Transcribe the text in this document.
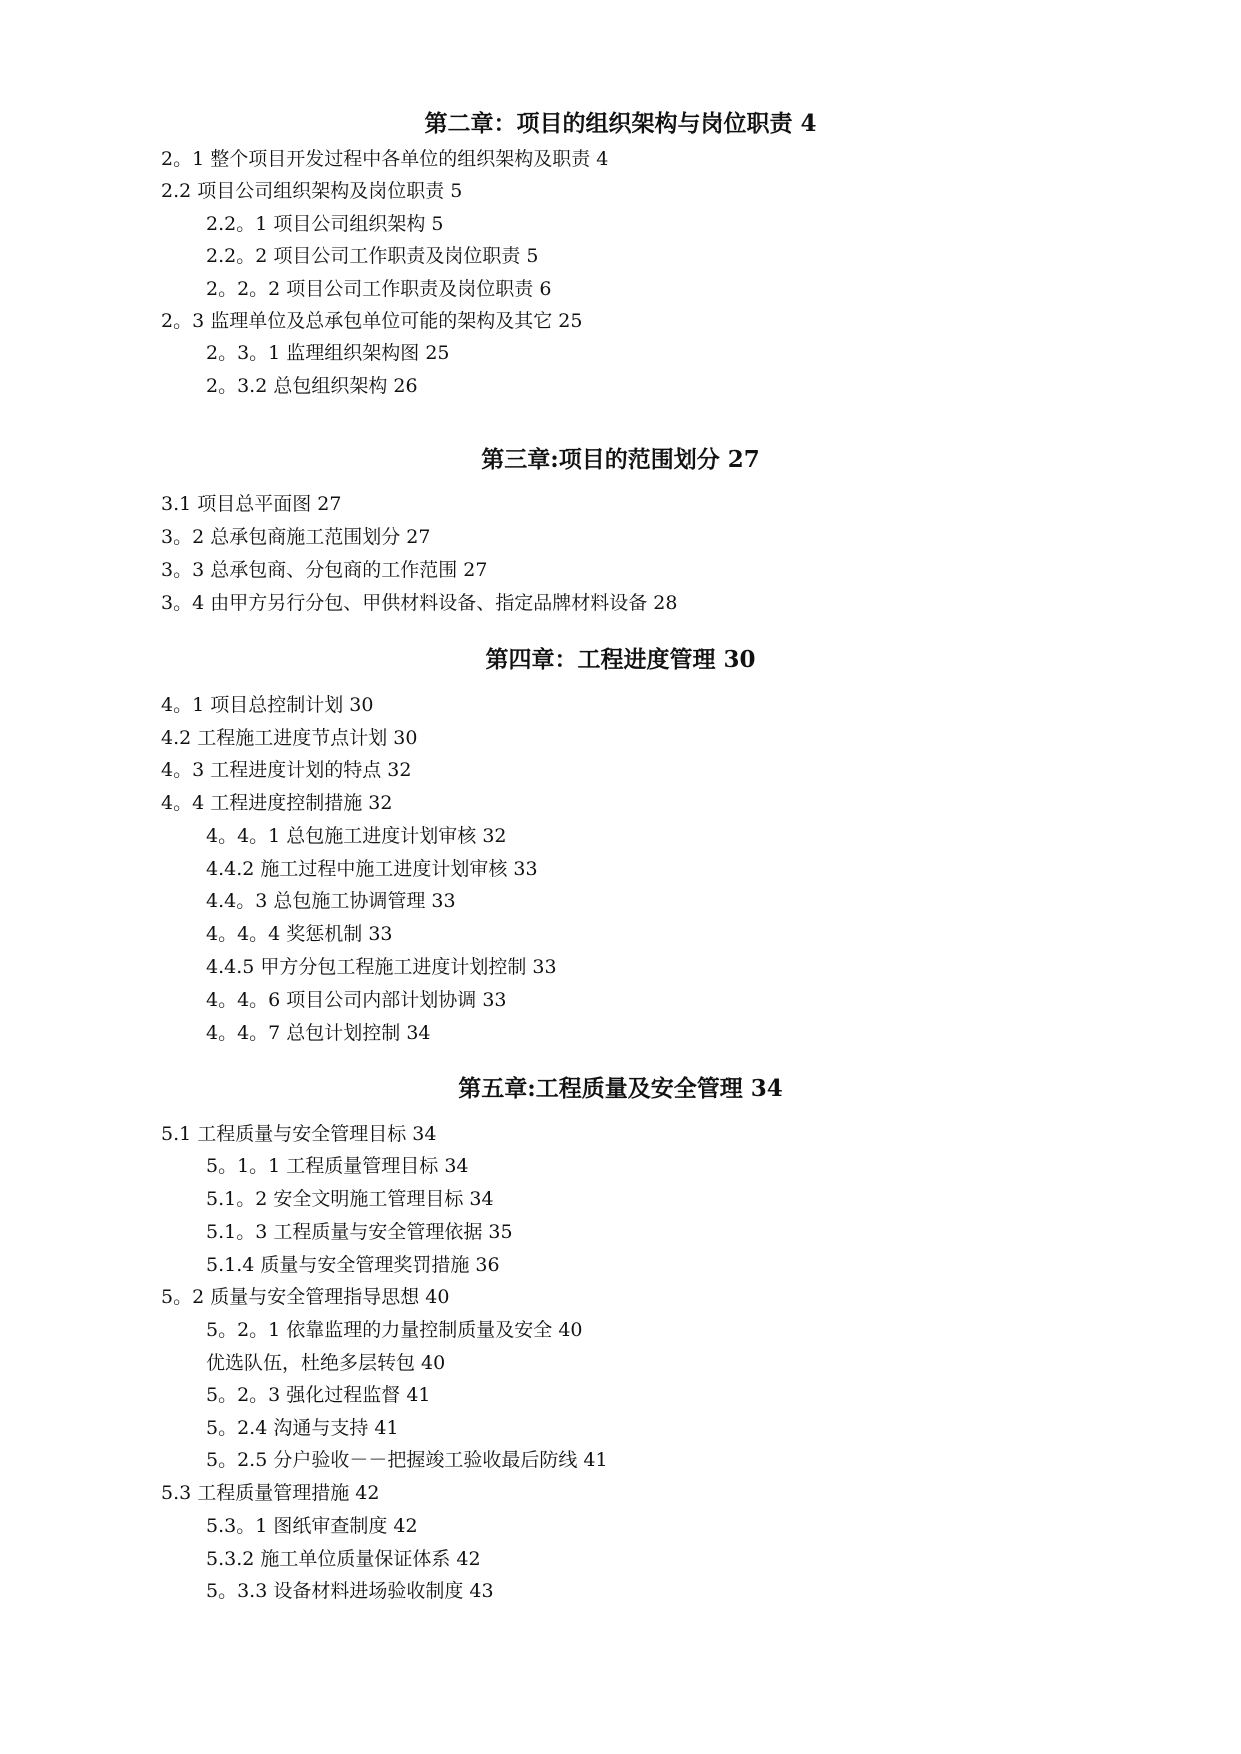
第二章：项目的组织架构与岗位职责 4
2。1 整个项目开发过程中各单位的组织架构及职责 4
2.2 项目公司组织架构及岗位职责 5
2.2。1 项目公司组织架构 5
2.2。2 项目公司工作职责及岗位职责 5
2。2。2 项目公司工作职责及岗位职责 6
2。3 监理单位及总承包单位可能的架构及其它 25
2。3。1 监理组织架构图 25
2。3.2 总包组织架构 26
第三章:项目的范围划分 27
3.1 项目总平面图 27
3。2 总承包商施工范围划分 27
3。3 总承包商、分包商的工作范围 27
3。4 由甲方另行分包、甲供材料设备、指定品牌材料设备 28
第四章：工程进度管理 30
4。1 项目总控制计划 30
4.2 工程施工进度节点计划 30
4。3 工程进度计划的特点 32
4。4 工程进度控制措施 32
4。4。1 总包施工进度计划审核 32
4.4.2 施工过程中施工进度计划审核 33
4.4。3 总包施工协调管理 33
4。4。4 奖惩机制 33
4.4.5 甲方分包工程施工进度计划控制 33
4。4。6 项目公司内部计划协调 33
4。4。7 总包计划控制 34
第五章:工程质量及安全管理 34
5.1 工程质量与安全管理目标 34
5。1。1 工程质量管理目标 34
5.1。2 安全文明施工管理目标 34
5.1。3 工程质量与安全管理依据 35
5.1.4 质量与安全管理奖罚措施 36
5。2 质量与安全管理指导思想 40
5。2。1 依靠监理的力量控制质量及安全 40
优选队伍，杜绝多层转包 40
5。2。3 强化过程监督 41
5。2.4 沟通与支持 41
5。2.5 分户验收－－把握竣工验收最后防线 41
5.3 工程质量管理措施 42
5.3。1 图纸审查制度 42
5.3.2 施工单位质量保证体系 42
5。3.3 设备材料进场验收制度 43
